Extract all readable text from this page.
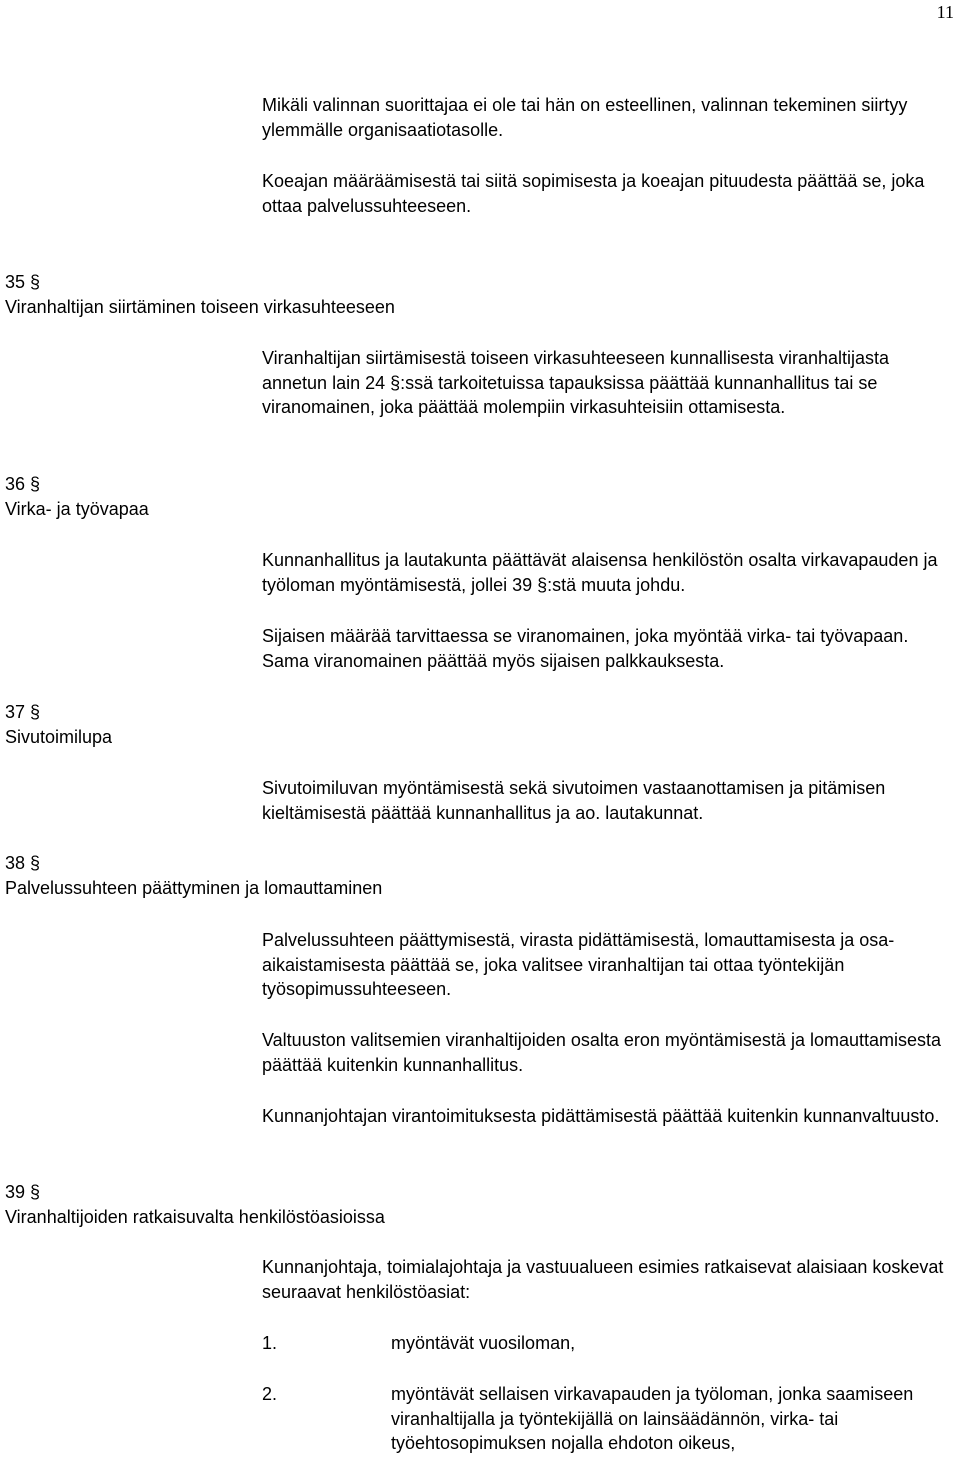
11

Mikäli valinnan suorittajaa ei ole tai hän on esteellinen, valinnan tekeminen siirtyy ylemmälle organisaatiotasolle.

Koeajan määräämisestä tai siitä sopimisesta ja koeajan pituudesta päättää se, joka ottaa palvelussuhteeseen.

35 §
Viranhaltijan siirtäminen toiseen virkasuhteeseen

Viranhaltijan siirtämisestä toiseen virkasuhteeseen kunnallisesta viranhaltijasta annetun lain 24 §:ssä tarkoitetuissa tapauksissa päättää kunnanhallitus tai se viranomainen, joka päättää molempiin virkasuhteisiin ottamisesta.

36 §
Virka- ja työvapaa

Kunnanhallitus ja lautakunta päättävät alaisensa henkilöstön osalta virkavapauden ja työloman myöntämisestä, jollei 39 §:stä muuta johdu.

Sijaisen määrää tarvittaessa se viranomainen, joka myöntää virka- tai työvapaan. Sama viranomainen päättää myös sijaisen palkkauksesta.

37 §
Sivutoimilupa

Sivutoimiluvan myöntämisestä sekä sivutoimen vastaanottamisen ja pitämisen kieltämisestä päättää kunnanhallitus ja ao. lautakunnat.

38 §
Palvelussuhteen päättyminen ja lomauttaminen

Palvelussuhteen päättymisestä, virasta pidättämisestä, lomauttamisesta ja osa-aikaistamisesta päättää se, joka valitsee viranhaltijan tai ottaa työntekijän työsopimussuhteeseen.

Valtuuston valitsemien viranhaltijoiden osalta eron myöntämisestä ja lomauttamisesta päättää kuitenkin kunnanhallitus.

Kunnanjohtajan virantoimituksesta pidättämisestä päättää kuitenkin kunnanvaltuusto.

39 §
Viranhaltijoiden ratkaisuvalta henkilöstöasioissa

Kunnanjohtaja, toimialajohtaja ja vastuualueen esimies ratkaisevat alaisiaan koskevat seuraavat henkilöstöasiat:

1.	myöntävät vuosiloman,
2.	myöntävät sellaisen virkavapauden ja työloman, jonka saamiseen viranhaltijalla ja työntekijällä on lainsäädännön, virka- tai työehtosopimuksen nojalla ehdoton oikeus,
